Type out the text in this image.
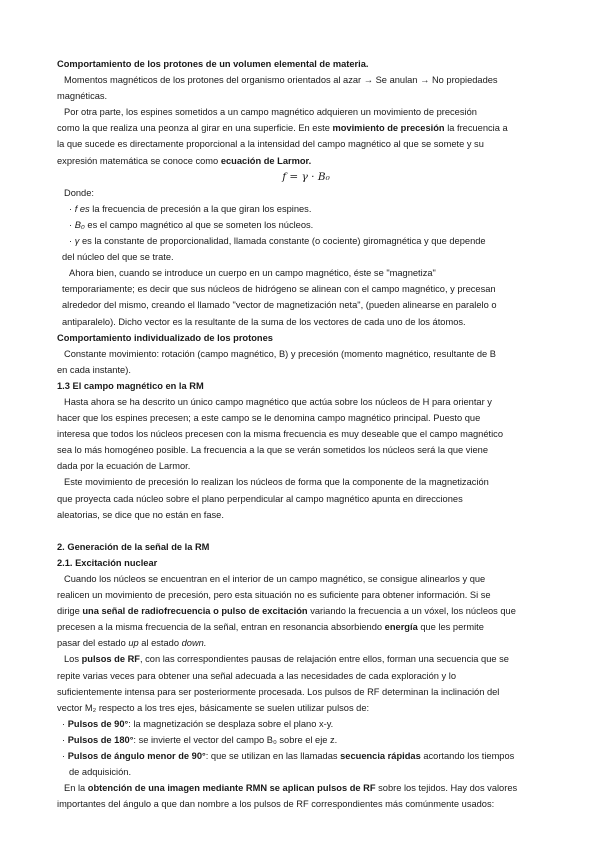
Comportamiento de los protones de un volumen elemental de materia.
Momentos magnéticos de los protones del organismo orientados al azar → Se anulan → No propiedades
magnéticas.
Por otra parte, los espines sometidos a un campo magnético adquieren un movimiento de precesión
como la que realiza una peonza al girar en una superficie. En este movimiento de precesión la frecuencia a
la que sucede es directamente proporcional a la intensidad del campo magnético al que se somete y su
expresión matemática se conoce como ecuación de Larmor.
f = γ · B₀
Donde:
· f es la frecuencia de precesión a la que giran los espines.
· B₀ es el campo magnético al que se someten los núcleos.
· γ es la constante de proporcionalidad, llamada constante (o cociente) giromagnética y que depende
del núcleo del que se trate.
Ahora bien, cuando se introduce un cuerpo en un campo magnético, éste se "magnetiza"
temporariamente; es decir que sus núcleos de hidrógeno se alinean con el campo magnético, y precesan
alrededor del mismo, creando el llamado "vector de magnetización neta", (pueden alinearse en paralelo o
antiparalelo). Dicho vector es la resultante de la suma de los vectores de cada uno de los átomos.
Comportamiento individualizado de los protones
Constante movimiento: rotación (campo magnético, B) y precesión (momento magnético, resultante de B
en cada instante).
1.3 El campo magnético en la RM
Hasta ahora se ha descrito un único campo magnético que actúa sobre los núcleos de H para orientar y
hacer que los espines precesen; a este campo se le denomina campo magnético principal. Puesto que
interesa que todos los núcleos precesen con la misma frecuencia es muy deseable que el campo magnético
sea lo más homogéneo posible. La frecuencia a la que se verán sometidos los núcleos será la que viene
dada por la ecuación de Larmor.
Este movimiento de precesión lo realizan los núcleos de forma que la componente de la magnetización
que proyecta cada núcleo sobre el plano perpendicular al campo magnético apunta en direcciones
aleatorias, se dice que no están en fase.
2. Generación de la señal de la RM
2.1. Excitación nuclear
Cuando los núcleos se encuentran en el interior de un campo magnético, se consigue alinearlos y que
realicen un movimiento de precesión, pero esta situación no es suficiente para obtener información. Si se
dirige una señal de radiofrecuencia o pulso de excitación variando la frecuencia a un vóxel, los núcleos que
precesen a la misma frecuencia de la señal, entran en resonancia absorbiendo energía que les permite
pasar del estado up al estado down.
Los pulsos de RF, con las correspondientes pausas de relajación entre ellos, forman una secuencia que se
repite varias veces para obtener una señal adecuada a las necesidades de cada exploración y lo
suficientemente intensa para ser posteriormente procesada. Los pulsos de RF determinan la inclinación del
vector M₂ respecto a los tres ejes, básicamente se suelen utilizar pulsos de:
· Pulsos de 90°: la magnetización se desplaza sobre el plano x-y.
· Pulsos de 180°: se invierte el vector del campo B₀ sobre el eje z.
· Pulsos de ángulo menor de 90°: que se utilizan en las llamadas secuencia rápidas acortando los tiempos
de adquisición.
En la obtención de una imagen mediante RMN se aplican pulsos de RF sobre los tejidos. Hay dos valores
importantes del ángulo a que dan nombre a los pulsos de RF correspondientes más comúnmente usados:
